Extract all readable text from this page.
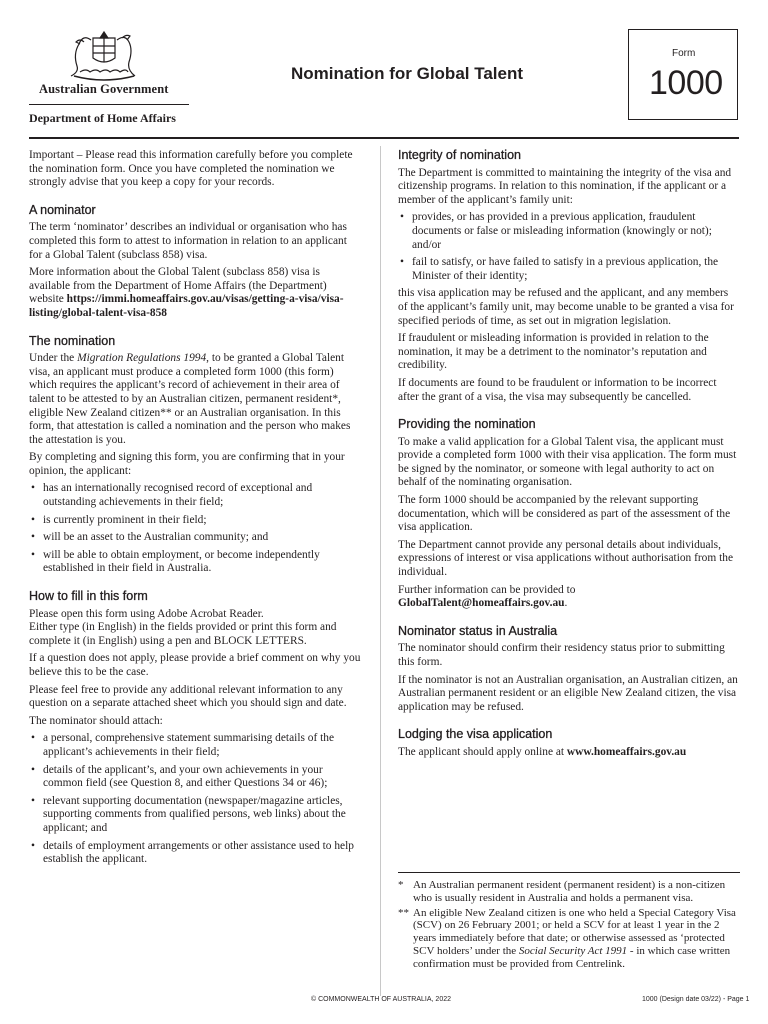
Australian Government
Department of Home Affairs
Nomination for Global Talent
Form
1000

Important – Please read this information carefully before you complete the nomination form. Once you have completed the nomination we strongly advise that you keep a copy for your records.

A nominator

The term ‘nominator’ describes an individual or organisation who has completed this form to attest to information in relation to an applicant for a Global Talent (subclass 858) visa.

More information about the Global Talent (subclass 858) visa is available from the Department of Home Affairs (the Department) website https://immi.homeaffairs.gov.au/visas/getting-a-visa/visa-listing/global-talent-visa-858

The nomination

Under the Migration Regulations 1994, to be granted a Global Talent visa, an applicant must produce a completed form 1000 (this form) which requires the applicant’s record of achievement in their area of talent to be attested to by an Australian citizen, permanent resident*, eligible New Zealand citizen** or an Australian organisation. In this form, that attestation is called a nomination and the person who makes the attestation is you.

By completing and signing this form, you are confirming that in your opinion, the applicant:

• has an internationally recognised record of exceptional and outstanding achievements in their field;
• is currently prominent in their field;
• will be an asset to the Australian community; and
• will be able to obtain employment, or become independently established in their field in Australia.
How to fill in this form

Please open this form using Adobe Acrobat Reader.

Either type (in English) in the fields provided or print this form and complete it (in English) using a pen and BLOCK LETTERS.

If a question does not apply, please provide a brief comment on why you believe this to be the case.

Please feel free to provide any additional relevant information to any question on a separate attached sheet which you should sign and date.

The nominator should attach:

• a personal, comprehensive statement summarising details of the applicant’s achievements in their field;
• details of the applicant’s, and your own achievements in your common field (see Question 8, and either Questions 34 or 46);
• relevant supporting documentation (newspaper/magazine articles, supporting comments from qualified persons, web links) about the applicant; and
• details of employment arrangements or other assistance used to help establish the applicant.
Integrity of nomination

The Department is committed to maintaining the integrity of the visa and citizenship programs. In relation to this nomination, if the applicant or a member of the applicant’s family unit:

• provides, or has provided in a previous application, fraudulent documents or false or misleading information (knowingly or not); and/or
• fail to satisfy, or have failed to satisfy in a previous application, the Minister of their identity;

this visa application may be refused and the applicant, and any members of the applicant’s family unit, may become unable to be granted a visa for specified periods of time, as set out in migration legislation.

If fraudulent or misleading information is provided in relation to the nomination, it may be a detriment to the nominator’s reputation and credibility.

If documents are found to be fraudulent or information to be incorrect after the grant of a visa, the visa may subsequently be cancelled.

Providing the nomination

To make a valid application for a Global Talent visa, the applicant must provide a completed form 1000 with their visa application. The form must be signed by the nominator, or someone with legal authority to act on behalf of the nominating organisation.

The form 1000 should be accompanied by the relevant supporting documentation, which will be considered as part of the assessment of the visa application.

The Department cannot provide any personal details about individuals, expressions of interest or visa applications without authorisation from the individual.

Further information can be provided to
GlobalTalent@homeaffairs.gov.au.

Nominator status in Australia

The nominator should confirm their residency status prior to submitting this form.

If the nominator is not an Australian organisation, an Australian citizen, an Australian permanent resident or an eligible New Zealand citizen, the visa application may be refused.

Lodging the visa application

The applicant should apply online at www.homeaffairs.gov.au

* An Australian permanent resident (permanent resident) is a non-citizen who is usually resident in Australia and holds a permanent visa.
** An eligible New Zealand citizen is one who held a Special Category Visa (SCV) on 26 February 2001; or held a SCV for at least 1 year in the 2 years immediately before that date; or otherwise assessed as ‘protected SCV holders’ under the Social Security Act 1991 - in which case written confirmation must be provided from Centrelink.
© COMMONWEALTH OF AUSTRALIA, 2022	1000 (Design date 03/22) - Page 1
